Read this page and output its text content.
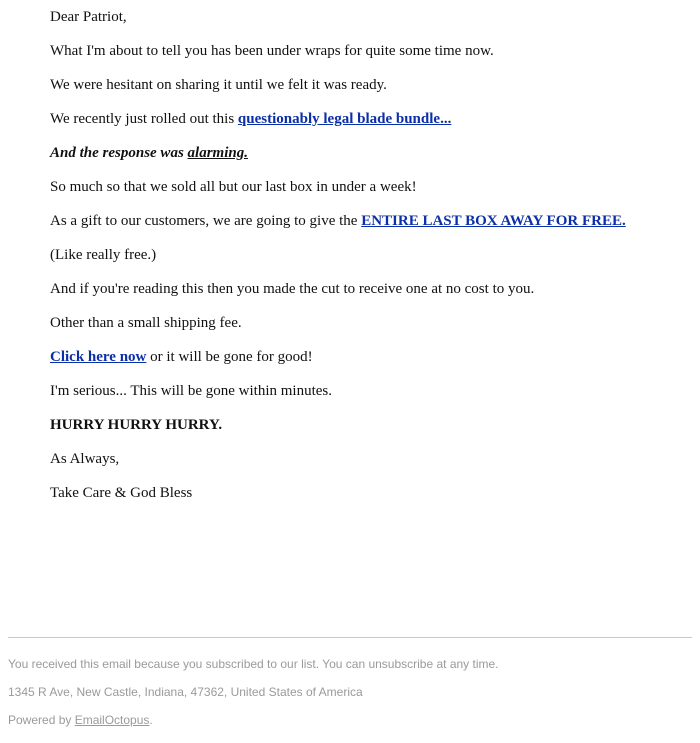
Dear Patriot,

What I'm about to tell you has been under wraps for quite some time now.

We were hesitant on sharing it until we felt it was ready.

We recently just rolled out this questionably legal blade bundle...

And the response was alarming.

So much so that we sold all but our last box in under a week!

As a gift to our customers, we are going to give the ENTIRE LAST BOX AWAY FOR FREE.

(Like really free.)

And if you're reading this then you made the cut to receive one at no cost to you.

Other than a small shipping fee.

Click here now or it will be gone for good!

I'm serious... This will be gone within minutes.

HURRY HURRY HURRY.

As Always,

Take Care & God Bless

You received this email because you subscribed to our list. You can unsubscribe at any time.

1345 R Ave, New Castle, Indiana, 47362, United States of America

Powered by EmailOctopus.
